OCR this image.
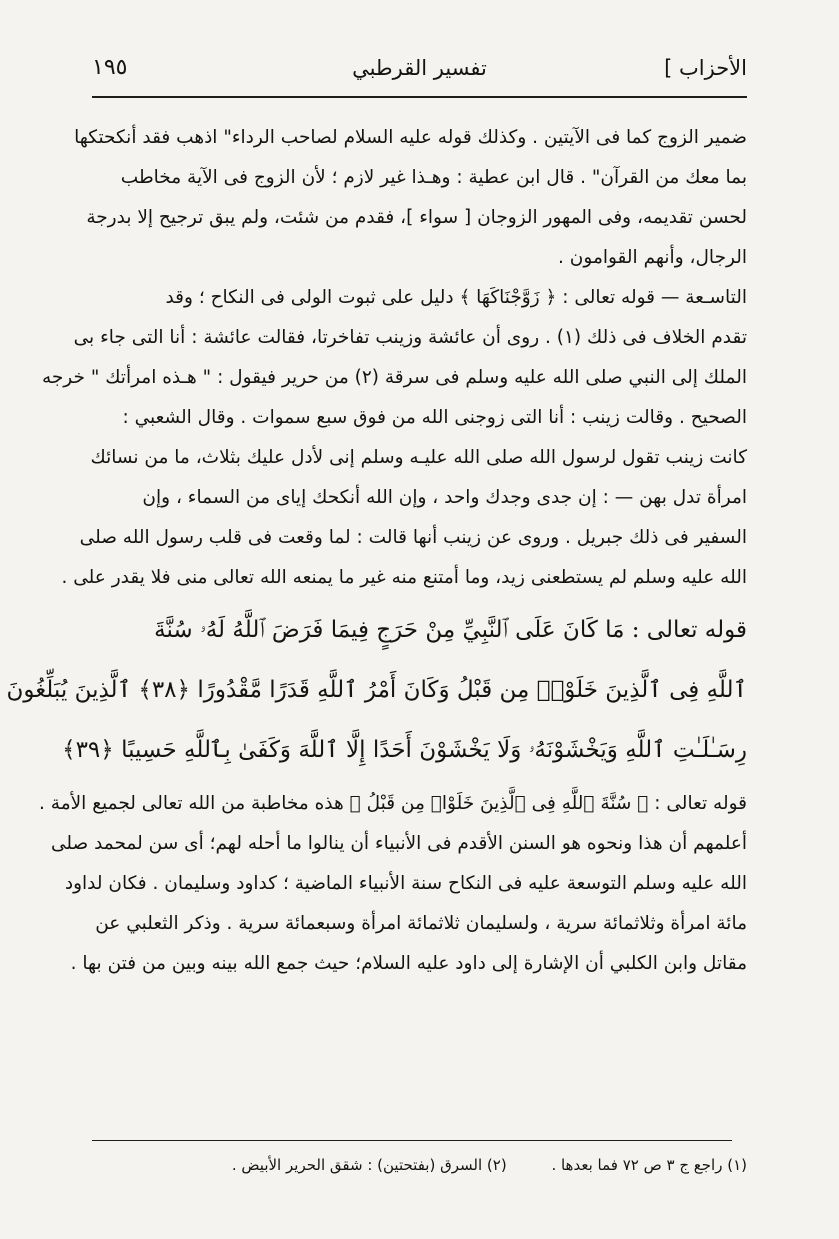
الأحزاب ]
تفسير القرطبي
١٩٥
ضمير الزوج كما فى الآيتين . وكذلك قوله عليه السلام لصاحب الرداء" اذهب فقد أنكحتكها
بما معك من القرآن" . قال ابن عطية : وهـذا غير لازم ؛ لأن الزوج فى الآية مخاطب
لحسن تقديمه، وفى المهور الزوجان [ سواء ]، فقدم من شئت، ولم يبق ترجيح إلا بدرجة
الرجال، وأنهم القوامون .
التاسـعة — قوله تعالى : ﴿ زَوَّجْنَاكَهَا ﴾ دليل على ثبوت الولى فى النكاح ؛ وقد
تقدم الخلاف فى ذلك (١) . روى أن عائشة وزينب تفاخرتا، فقالت عائشة : أنا التى جاء بى
الملك إلى النبي صلى الله عليه وسلم فى سرقة (٢) من حرير فيقول : " هـذه امرأتك " خرجه
الصحيح . وقالت زينب : أنا التى زوجنى الله من فوق سبع سموات . وقال الشعبي :
كانت زينب تقول لرسول الله صلى الله عليـه وسلم إنى لأدل عليك بثلاث، ما من نسائك
امرأة تدل بهن — : إن جدى وجدك واحد ، وإن الله أنكحك إياى من السماء ، وإن
السفير فى ذلك جبريل . وروى عن زينب أنها قالت : لما وقعت فى قلب رسول الله صلى
الله عليه وسلم لم يستطعنى زيد، وما أمتنع منه غير ما يمنعه الله تعالى منى فلا يقدر على .
قوله تعالى : مَا كَانَ عَلَى ٱلنَّبِيِّ مِنْ حَرَجٍ فِيمَا فَرَضَ ٱللَّهُ لَهُۥ سُنَّةَ
ٱللَّهِ فِى ٱلَّذِينَ خَلَوْا۟ مِن قَبْلُ وَكَانَ أَمْرُ ٱللَّهِ قَدَرًا مَّقْدُورًا ﴿٣٨﴾ ٱلَّذِينَ يُبَلِّغُونَ
رِسَـٰلَـٰتِ ٱللَّهِ وَيَخْشَوْنَهُۥ وَلَا يَخْشَوْنَ أَحَدًا إِلَّا ٱللَّهَ وَكَفَىٰ بِٱللَّهِ حَسِيبًا ﴿٣٩﴾
قوله تعالى : ﴿ سُنَّةَ ٱللَّهِ فِى ٱلَّذِينَ خَلَوْا۟ مِن قَبْلُ ﴾ هذه مخاطبة من الله تعالى لجميع الأمة .
أعلمهم أن هذا ونحوه هو السنن الأقدم فى الأنبياء أن ينالوا ما أحله لهم؛ أى سن لمحمد صلى
الله عليه وسلم التوسعة عليه فى النكاح سنة الأنبياء الماضية ؛ كداود وسليمان . فكان لداود
مائة امرأة وثلاثمائة سرية ، ولسليمان ثلاثمائة امرأة وسبعمائة سرية . وذكر الثعلبي عن
مقاتل وابن الكلبي أن الإشارة إلى داود عليه السلام؛ حيث جمع الله بينه وبين من فتن بها .
(١) راجع ج ٣ ص ٧٢ فما بعدها . (٢) السرق (بفتحتين) : شقق الحرير الأبيض .
